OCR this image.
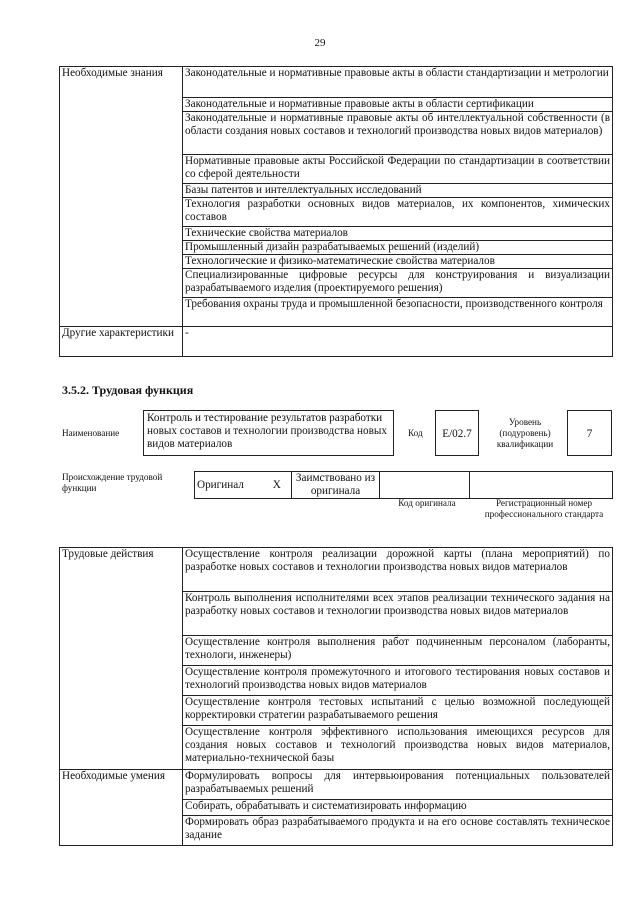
29
Необходимые знания	Законодательные и нормативные правовые акты в области стандартизации и метрологии
	Законодательные и нормативные правовые акты в области сертификации
	Законодательные и нормативные правовые акты об интеллектуальной собственности (в области создания новых составов и технологий производства новых видов материалов)
	Нормативные правовые акты Российской Федерации по стандартизации в соответствии со сферой деятельности
	Базы патентов и интеллектуальных исследований
	Технология разработки основных видов материалов, их компонентов, химических составов
	Технические свойства материалов
	Промышленный дизайн разрабатываемых решений (изделий)
	Технологические и физико-математические свойства материалов
	Специализированные цифровые ресурсы для конструирования и визуализации разрабатываемого изделия (проектируемого решения)
	Требования охраны труда и промышленной безопасности, производственного контроля
Другие характеристики	-
3.5.2. Трудовая функция
Наименование
Контроль и тестирование результатов разработки новых составов и технологии производства новых видов материалов
Код	E/02.7
Уровень (подуровень) квалификации
7
Происхождение трудовой функции	Оригинал	X	Заимствовано из оригинала		
Код оригинала	Регистрационный номер профессионального стандарта
Трудовые действия	Осуществление контроля реализации дорожной карты (плана мероприятий) по разработке новых составов и технологии производства новых видов материалов
	Контроль выполнения исполнителями всех этапов реализации технического задания на разработку новых составов и технологии производства новых видов материалов
	Осуществление контроля выполнения работ подчиненным персоналом (лаборанты, технологи, инженеры)
	Осуществление контроля промежуточного и итогового тестирования новых составов и технологий производства новых видов материалов
	Осуществление контроля тестовых испытаний с целью возможной последующей корректировки стратегии разрабатываемого решения
	Осуществление контроля эффективного использования имеющихся ресурсов для создания новых составов и технологий производства новых видов материалов, материально-технической базы
Необходимые умения	Формулировать вопросы для интервьюирования потенциальных пользователей разрабатываемых решений
	Собирать, обрабатывать и систематизировать информацию
	Формировать образ разрабатываемого продукта и на его основе составлять техническое задание
